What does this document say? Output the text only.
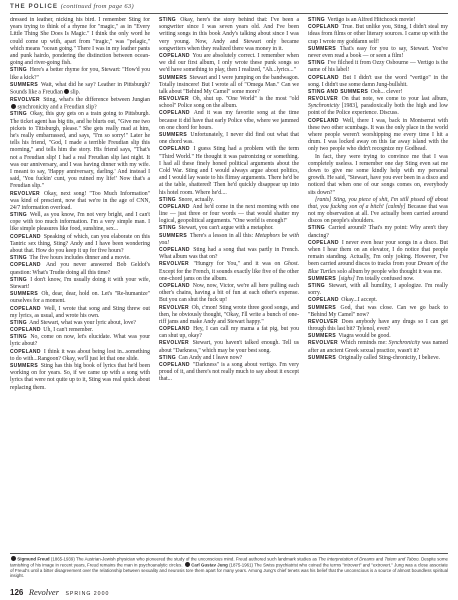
THE POLICE (continued from page 63)

dressed in leather, nicking his bird. I remember Sting for years trying to think of a rhyme for "magic," as in "Every Little Thing She Does Is Magic." I think the only word he could come up with, apart from "tragic," was "pelagic," which means "ocean going." There I was in my leather pants and punk hairdo, pondering the distinction between ocean-going and river-going fish.

STING Here's a better rhyme for you, Stewart: "How'd you like a kick?"

SUMMERS Wait, what did he say? Leather in Pittsburgh? Sounds like a Freudian slip.

REVOLVER Sting, what's the difference between Jungian synchronicity and a Freudian slip?

STING Okay, this guy gets on a train going to Pittsburgh. The ticket agent has big tits, and he blurts out, "Give me two pickets to Tittsburgh, please." She gets really mad at him, he's really embarrassed, and says, "I'm so sorry!" Later he tells his friend, "God, I made a terrible Freudian slip this morning," and tells him the story. His friend says, "That's not a Freudian slip! I had a real Freudian slip last night. It was our anniversary, and I was having dinner with my wife. I meant to say, 'Happy anniversary, darling.' And instead I said, 'You fuckin' cunt, you ruined my life!' Now that's a Freudian slip."

REVOLVER Okay, next song! "Too Much Information" was kind of prescient, now that we're in the age of CNN, 24/7 information overload.

STING Well, as you know, I'm not very bright, and I can't cope with too much information. I'm a very simple man. I like simple pleasures like food, sunshine, sex...

COPELAND Speaking of which, can you elaborate on this Tantric sex thing, Sting? Andy and I have been wondering about that. How do you keep it up for five hours?

STING The five hours includes dinner and a movie.

COPELAND And you never answered Bob Geldof's question: What's Trudie doing all this time?

STING I don't know, I'm usually doing it with your wife, Stewart!

SUMMERS Oh, dear, dear, hold on. Let's "Re-humanize" ourselves for a moment.

COPELAND Well, I wrote that song and Sting threw out my lyrics, as usual, and wrote his own.

STING And Stewart, what was your lyric about, love?

COPELAND Uh, I can't remember.

STING No, come on now, let's elucidate. What was your lyric about?

COPELAND I think it was about being lost in...something to do with...Rangoon? Okay, we'll just let that one slide.

SUMMERS Sting has this big book of lyrics that he'd been working on for years. So, if we came up with a song with lyrics that were not quite up to it, Sting was real quick about replacing them.

STING Okay, here's the story behind that: I've been a songwriter since I was seven years old. And I've been writing songs in this book Andy's talking about since I was very young. Now, Andy and Stewart only became songwriters when they realized there was money in it.

COPELAND You are absolutely correct. I remember when we did our first album, I only wrote these punk songs so we'd have something to play, then I realized, "Ah...lyrics..."

SUMMERS Stewart and I were jumping on the bandwagon. Totally insincere! But I wrote all of "Omega Man." Can we talk about "Behind My Camel" some more?

REVOLVER Oh, shut up. "One World" is the most "old school" Police song on the album.

COPELAND And it was my favorite song at the time because it did have that early Police vibe, where we jammed on one chord for hours.

SUMMERS Unfortunately, I never did find out what that one chord was.

COPELAND I guess Sting had a problem with the term "Third World." He thought it was patronizing or something. I had all these finely honed political arguments about the Cold War. Sting and I would always argue about politics, and I would lay waste to his flimsy arguments. There he'd be at the table, shattered! Then he'd quickly disappear up into his hotel room. Where he'd....

STING Snore, actually.

COPELAND And he'd come in the next morning with one line — just three or four words — that would shatter my logical, geopolitical arguments. "One world is enough!"

STING Stewart, you can't argue with a metaphor.

SUMMERS There's a lesson in all this: Metaphors be with you!

COPELAND Sting had a song that was partly in French. What album was that on?

REVOLVER "Hungry for You," and it was on Ghost. Except for the French, it sounds exactly like five of the other one-chord jams on the album.

COPELAND Now, now, Victor, we're all here pulling each other's chains, having a bit of fun at each other's expense. But you can shut the fuck up!

REVOLVER Oh, c'mon! Sting wrote three good songs, and then, he obviously thought, "Okay, I'll write a bunch of one-riff jams and make Andy and Stewart happy."

COPELAND Hey, I can call my mama a fat pig, but you can shut up, okay?

REVOLVER Stewart, you haven't talked enough. Tell us about "Darkness," which may be your best song.

STING Can Andy and I leave now?

COPELAND "Darkness" is a song about vertigo. I'm very proud of it, and there's not really much to say about it except that...

STING Vertigo is an Alfred Hitchcock movie!

COPELAND True. But unlike you, Sting, I didn't steal my ideas from films or other literary sources. I came up with the crap I wrote my goddamn self!

SUMMERS That's easy for you to say, Stewart. You've never even read a book — or seen a film!

STING I've filched it from Ozzy Osbourne — Vertigo is the name of his label!

COPELAND But I didn't use the word "vertigo" in the song. I didn't use some damn Jung-bullshit.

STING AND SUMMERS Ooh... clever!

REVOLVER On that note, we come to your last album, Synchronicity [1983], paradoxically both the high and low point of the Police experience. Discuss.

COPELAND Well, there I was, back in Montserrat with these two other scumbags. It was the only place in the world where people weren't worshipping me every time I hit a drum. I was locked away on this far away island with the only two people who didn't recognize my Godhead.

In fact, they were trying to convince me that I was completely useless. I remember one day Sting even sat me down to give me some kindly help with my personal growth. He said, "Stewart, have you ever been in a disco and noticed that when one of our songs comes on, everybody sits down?"

[rants] Sting, you piece of shit, I'm still pissed off about that, you fucking son of a bitch! [calmly] Because that was not my observation at all. I've actually been carried around discos on people's shoulders.

STING Carried around? That's my point: Why aren't they dancing?

COPELAND I never even hear your songs in a disco. But when I hear them on an elevator, I do notice that people remain standing. Actually, I'm only joking. However, I've been carried around discos to tracks from your Dream of the Blue Turtles solo album by people who thought it was me.

SUMMERS [sighs] I'm totally confused now.

STING Stewart, with all humility, I apologize. I'm really sorry.

COPELAND Okay...I accept.

SUMMERS God, that was close. Can we go back to "Behind My Camel" now?

REVOLVER Does anybody have any drugs so I can get through this last bit? Tylenol, even?

SUMMERS Viagra would be good.

REVOLVER Which reminds me: Synchronicity was named after an ancient Greek sexual practice, wasn't it?

SUMMERS Originally called Sting-chronicity, I believe.

Sigmund Freud (1865-1939) The Austrian-Jewish physician who pioneered the study of the unconscious mind. Freud authored such landmark studies as The Interpretation of Dreams and Totem and Taboo. Despite some tarnishing of his image in recent years, Freud remains the man in psychoanalytic circles. Carl Gustav Jung (1875-1961) The Swiss psychiatrist who coined the terms "introvert" and "extrovert." Jung was a close associate of Freud's until a bitter disagreement over the relationship between sexuality and neurosis tore them apart for many years. Among Jung's chief tenets was his belief that the unconscious is a source of almost boundless spiritual insight.
126 Revolver SPRING 2000
